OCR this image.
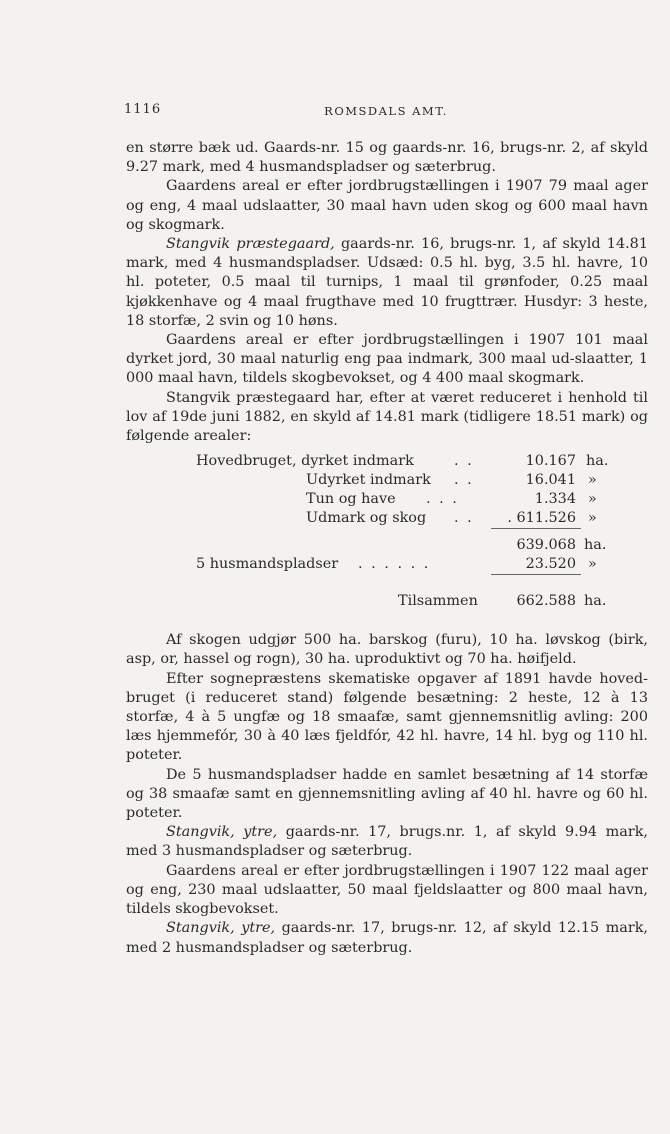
1116	ROMSDALS AMT.

en større bæk ud. Gaards-nr. 15 og gaards-nr. 16, brugs-nr. 2, af skyld 9.27 mark, med 4 husmandspladser og sæterbrug.

Gaardens areal er efter jordbrugstællingen i 1907 79 maal ager og eng, 4 maal udslaatter, 30 maal havn uden skog og 600 maal havn og skogmark.

Stangvik præstegaard, gaards-nr. 16, brugs-nr. 1, af skyld 14.81 mark, med 4 husmandspladser. Udsæd: 0.5 hl. byg, 3.5 hl. havre, 10 hl. poteter, 0.5 maal til turnips, 1 maal til grønfoder, 0.25 maal kjøkkenhave og 4 maal frugthave med 10 frugttrær. Husdyr: 3 heste, 18 storfæ, 2 svin og 10 høns.

Gaardens areal er efter jordbrugstællingen i 1907 101 maal dyrket jord, 30 maal naturlig eng paa indmark, 300 maal ud-slaatter, 1 000 maal havn, tildels skogbevokset, og 4 400 maal skogmark.

Stangvik præstegaard har, efter at været reduceret i henhold til lov af 19de juni 1882, en skyld af 14.81 mark (tidligere 18.51 mark) og følgende arealer:

Hovedbruget, dyrket indmark	. .	10.167 ha.
Udyrket indmark . .	16.041 »
Tun og have . . .	1.334 »
Udmark og skog . . . 611.526 »
639.068 ha.
5 husmandspladser . . . . . .	23.520 »
Tilsammen	662.588 ha.

Af skogen udgjør 500 ha. barskog (furu), 10 ha. løvskog (birk, asp, or, hassel og rogn), 30 ha. uproduktivt og 70 ha. høifjeld.

Efter sognepræstens skematiske opgaver af 1891 havde hoved-bruget (i reduceret stand) følgende besætning: 2 heste, 12 à 13 storfæ, 4 à 5 ungfæ og 18 smaafæ, samt gjennemsnitlig avling: 200 læs hjemmefór, 30 à 40 læs fjeldfór, 42 hl. havre, 14 hl. byg og 110 hl. poteter.

De 5 husmandspladser hadde en samlet besætning af 14 storfæ og 38 smaafæ samt en gjennemsnitling avling af 40 hl. havre og 60 hl. poteter.

Stangvik, ytre, gaards-nr. 17, brugs.nr. 1, af skyld 9.94 mark, med 3 husmandspladser og sæterbrug.

Gaardens areal er efter jordbrugstællingen i 1907 122 maal ager og eng, 230 maal udslaatter, 50 maal fjeldslaatter og 800 maal havn, tildels skogbevokset.

Stangvik, ytre, gaards-nr. 17, brugs-nr. 12, af skyld 12.15 mark, med 2 husmandspladser og sæterbrug.
